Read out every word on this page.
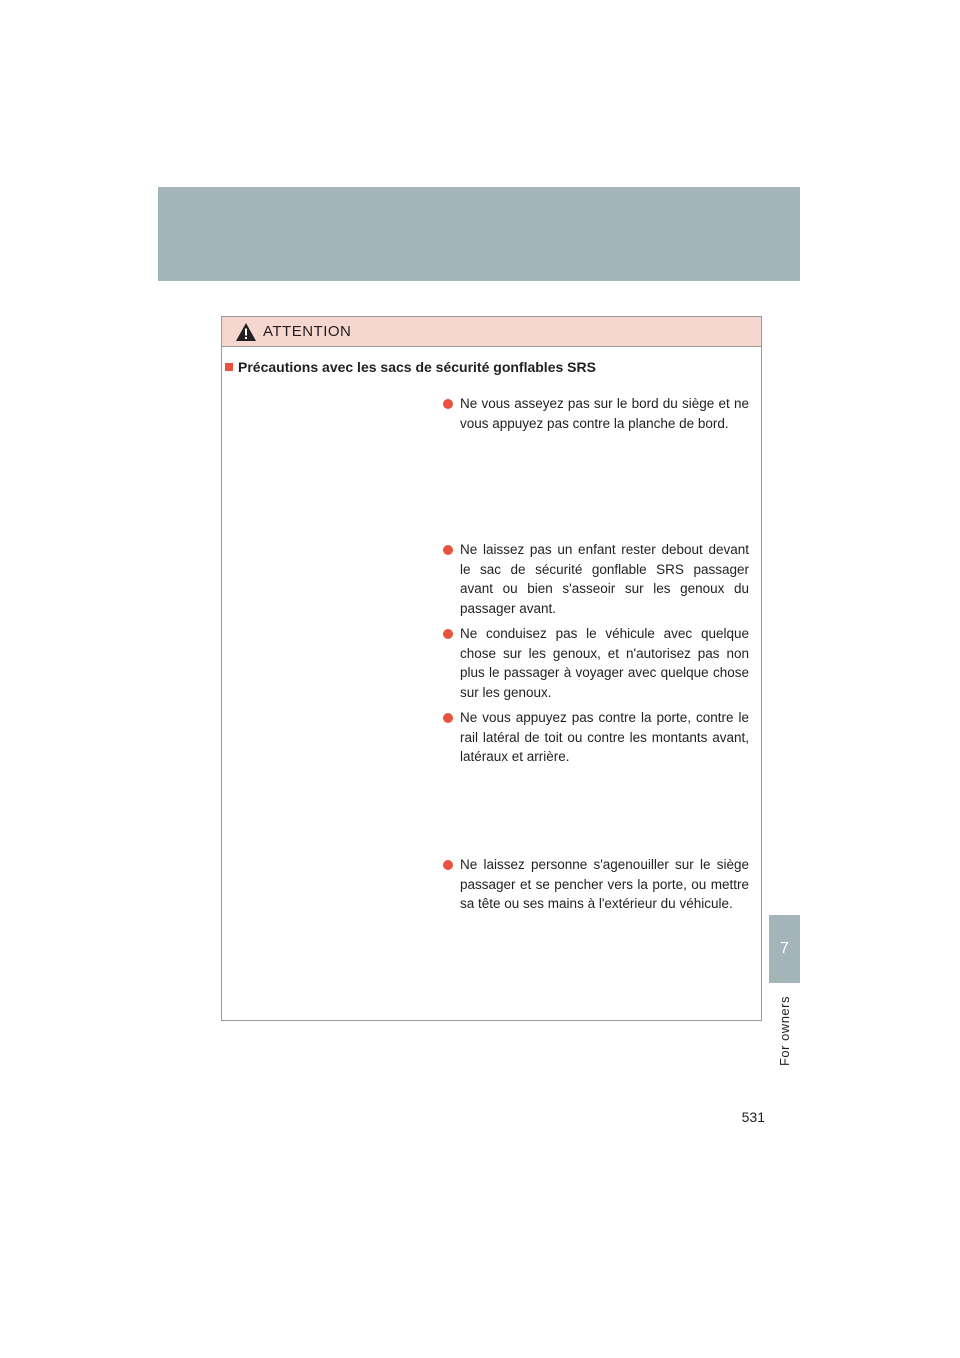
ATTENTION
Précautions avec les sacs de sécurité gonflables SRS
Ne vous asseyez pas sur le bord du siège et ne vous appuyez pas contre la planche de bord.
Ne laissez pas un enfant rester debout devant le sac de sécurité gonflable SRS passager avant ou bien s'asseoir sur les genoux du passager avant.
Ne conduisez pas le véhicule avec quelque chose sur les genoux, et n'autorisez pas non plus le passager à voyager avec quelque chose sur les genoux.
Ne vous appuyez pas contre la porte, contre le rail latéral de toit ou contre les montants avant, latéraux et arrière.
Ne laissez personne s'agenouiller sur le siège passager et se pencher vers la porte, ou mettre sa tête ou ses mains à l'extérieur du véhicule.
7
For owners
531
